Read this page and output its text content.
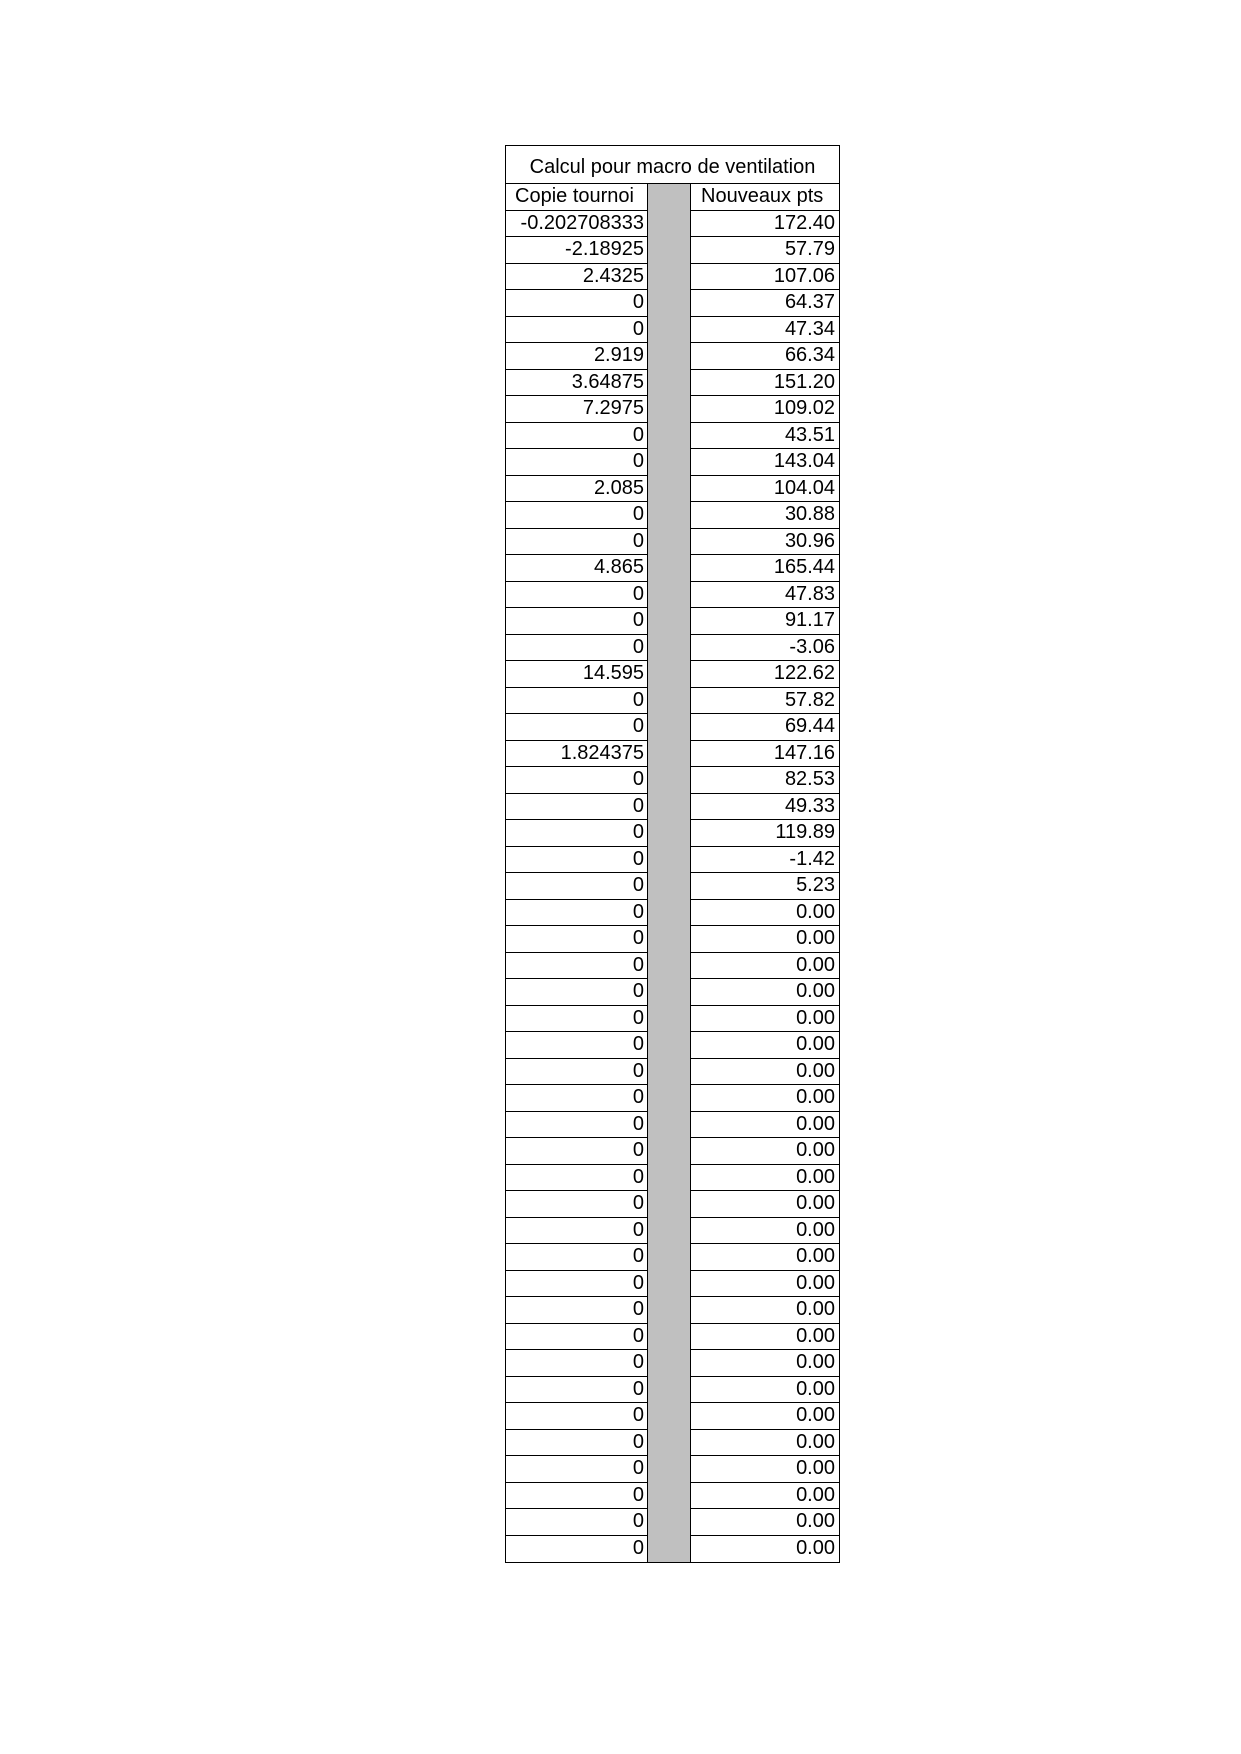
Calcul pour macro de ventilation
Copie tournoi	Nouveaux pts
-0.202708333	172.40
-2.18925	57.79
2.4325	107.06
0	64.37
0	47.34
2.919	66.34
3.64875	151.20
7.2975	109.02
0	43.51
0	143.04
2.085	104.04
0	30.88
0	30.96
4.865	165.44
0	47.83
0	91.17
0	-3.06
14.595	122.62
0	57.82
0	69.44
1.824375	147.16
0	82.53
0	49.33
0	119.89
0	-1.42
0	5.23
0	0.00
0	0.00
0	0.00
0	0.00
0	0.00
0	0.00
0	0.00
0	0.00
0	0.00
0	0.00
0	0.00
0	0.00
0	0.00
0	0.00
0	0.00
0	0.00
0	0.00
0	0.00
0	0.00
0	0.00
0	0.00
0	0.00
0	0.00
0	0.00
0	0.00
